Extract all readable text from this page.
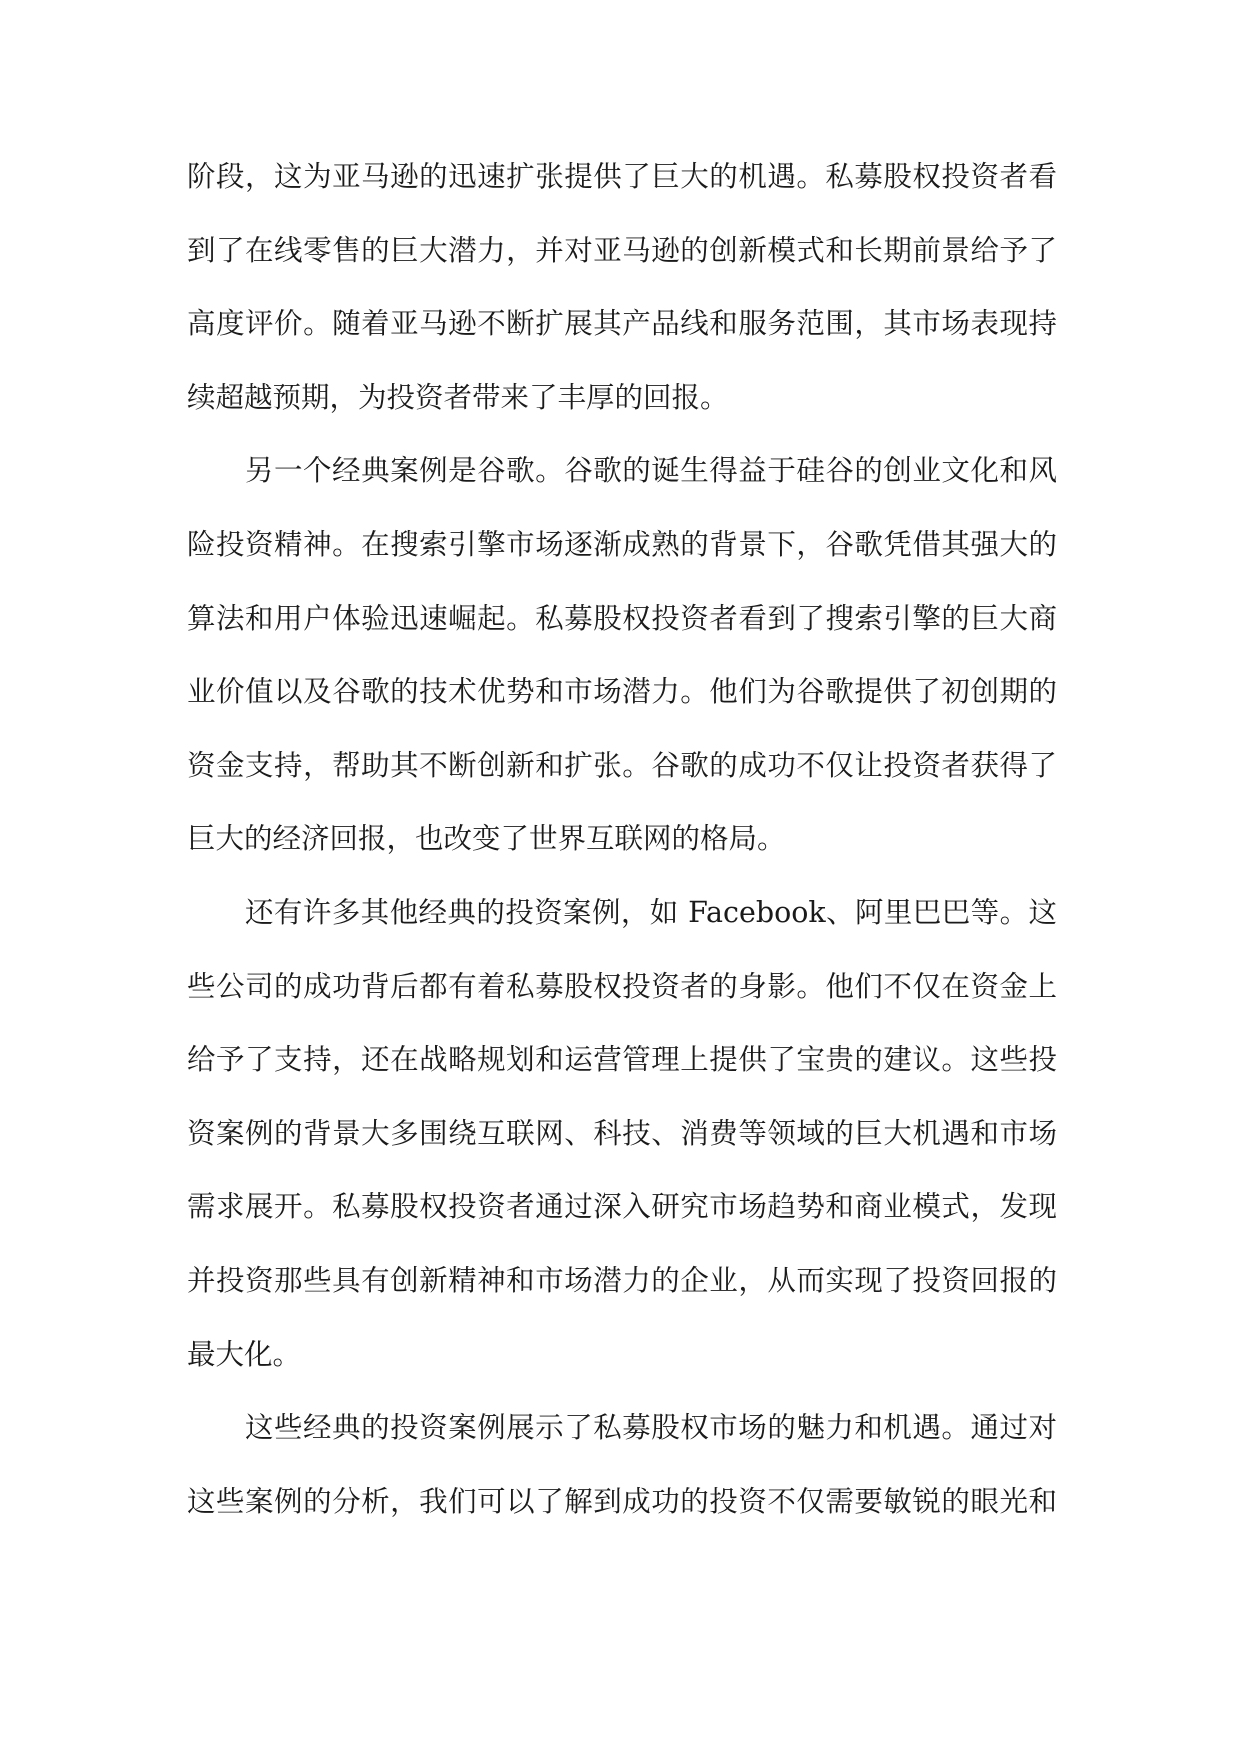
阶段，这为亚马逊的迅速扩张提供了巨大的机遇。私募股权投资者看
到了在线零售的巨大潜力，并对亚马逊的创新模式和长期前景给予了
高度评价。随着亚马逊不断扩展其产品线和服务范围，其市场表现持
续超越预期，为投资者带来了丰厚的回报。
另一个经典案例是谷歌。谷歌的诞生得益于硅谷的创业文化和风
险投资精神。在搜索引擎市场逐渐成熟的背景下，谷歌凭借其强大的
算法和用户体验迅速崛起。私募股权投资者看到了搜索引擎的巨大商
业价值以及谷歌的技术优势和市场潜力。他们为谷歌提供了初创期的
资金支持，帮助其不断创新和扩张。谷歌的成功不仅让投资者获得了
巨大的经济回报，也改变了世界互联网的格局。
还有许多其他经典的投资案例，如 Facebook、阿里巴巴等。这
些公司的成功背后都有着私募股权投资者的身影。他们不仅在资金上
给予了支持，还在战略规划和运营管理上提供了宝贵的建议。这些投
资案例的背景大多围绕互联网、科技、消费等领域的巨大机遇和市场
需求展开。私募股权投资者通过深入研究市场趋势和商业模式，发现
并投资那些具有创新精神和市场潜力的企业，从而实现了投资回报的
最大化。
这些经典的投资案例展示了私募股权市场的魅力和机遇。通过对
这些案例的分析，我们可以了解到成功的投资不仅需要敏锐的眼光和
